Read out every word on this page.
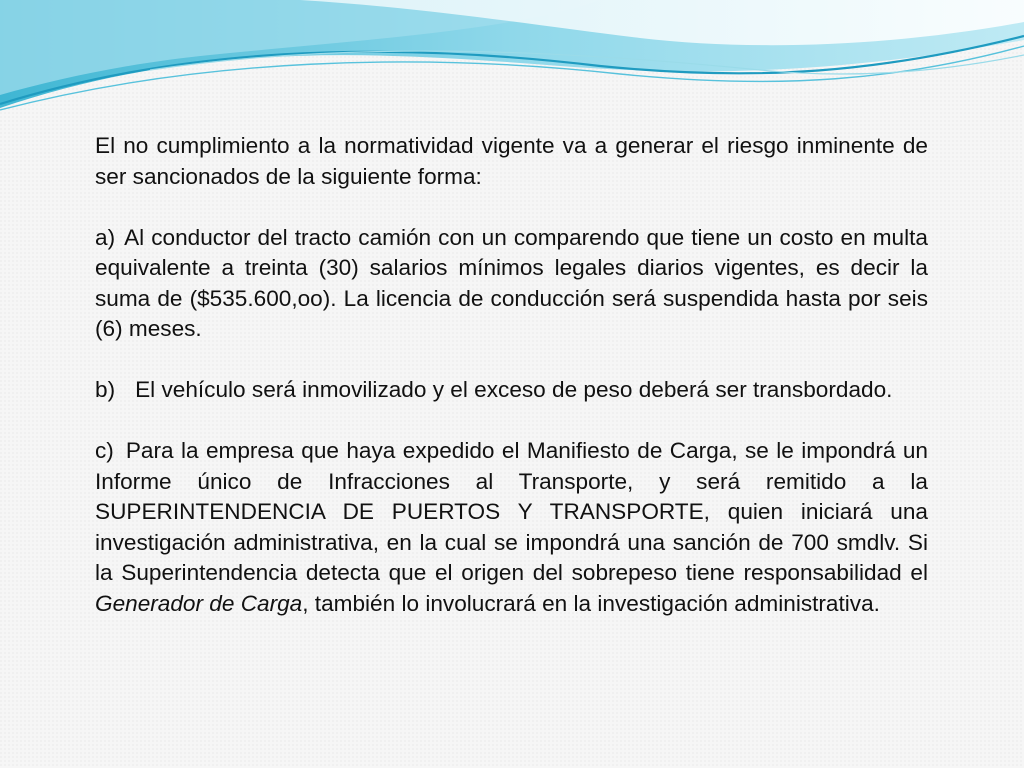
El no cumplimiento a la normatividad vigente va a generar el riesgo inminente de ser sancionados de la siguiente forma:

a) Al conductor del tracto camión con un comparendo que tiene un costo en multa equivalente a treinta (30) salarios mínimos legales diarios vigentes, es decir la suma de ($535.600,oo). La licencia de conducción será suspendida hasta por seis (6) meses.

b) El vehículo será inmovilizado y el exceso de peso deberá ser transbordado.

c) Para la empresa que haya expedido el Manifiesto de Carga, se le impondrá un Informe único de Infracciones al Transporte, y será remitido a la SUPERINTENDENCIA DE PUERTOS Y TRANSPORTE, quien iniciará una investigación administrativa, en la cual se impondrá una sanción de 700 smdlv. Si la Superintendencia detecta que el origen del sobrepeso tiene responsabilidad el Generador de Carga, también lo involucrará en la investigación administrativa.
